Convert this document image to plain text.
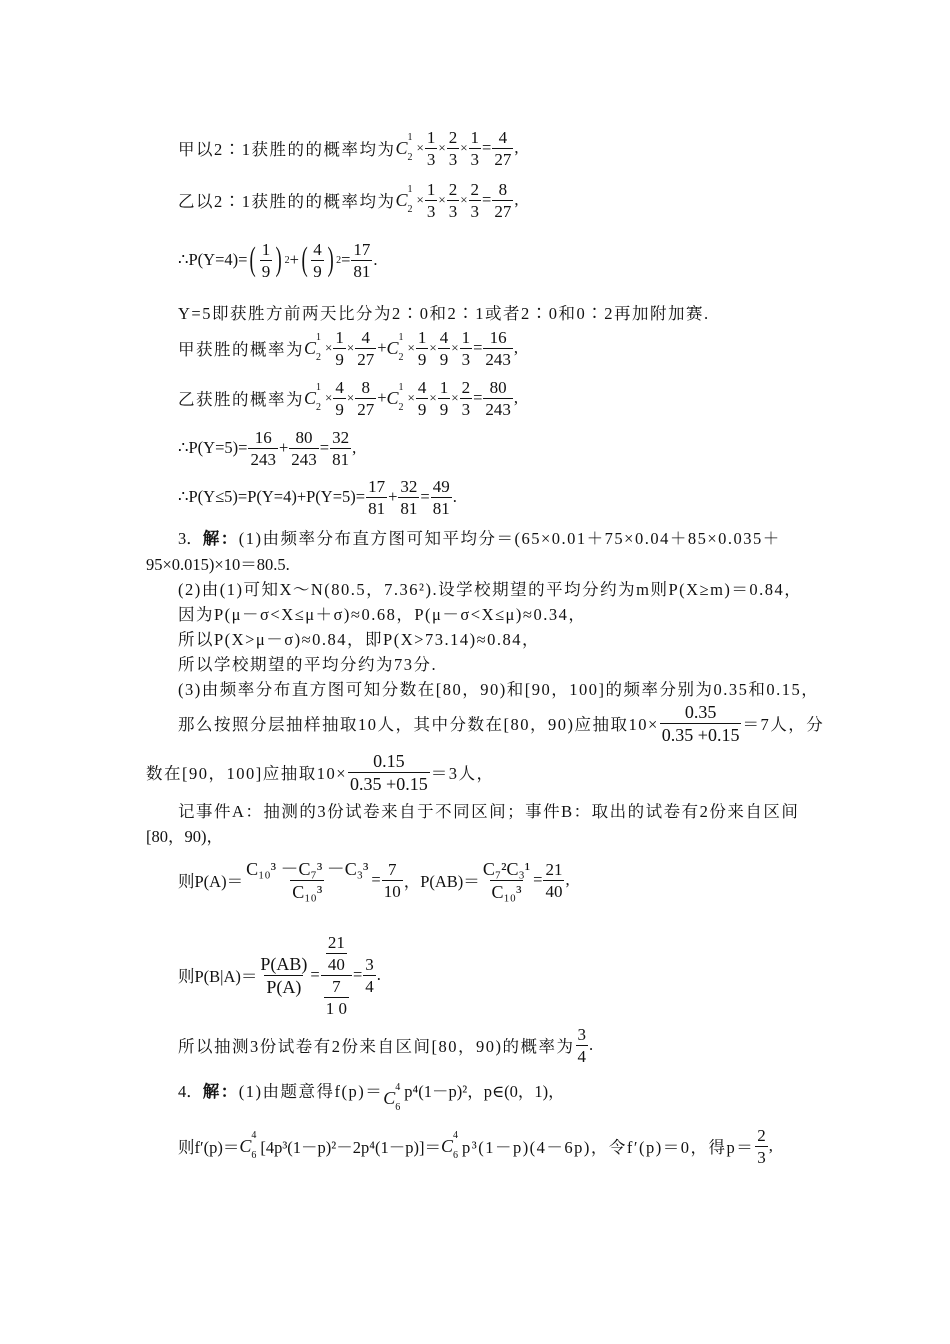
甲以2∶1获胜的的概率均为 C
1
2
× $\frac{1}{3} \times \frac{2}{3} \times \frac{1}{3} = \frac{4}{27}$ ,
乙以2∶1获胜的的概率均为 C
1
2
× $\frac{1}{3} \times \frac{2}{3} \times \frac{2}{3} = \frac{8}{27}$ ,
∴P(Y=4)= ( 1
9 ) 2 + ( 4
9 ) $2 = \frac{17}{81}$ .
Y=5即获胜方前两天比分为2∶0和2∶1或者2∶0和0∶2再加附加赛.
甲获胜的概率为 C
1
2
× $\frac{1}{9} \times \frac{4}{27} + C$
1
2
× $\frac{1}{9} \times \frac{4}{9} \times \frac{1}{3} = \frac{16}{243}$ ,
乙获胜的概率为 C
1
2
× $\frac{4}{9} \times \frac{8}{27} + C$
1
2
× $\frac{4}{9} \times \frac{1}{9} \times \frac{2}{3} = \frac{80}{243}$ ,
∴P(Y=5)= $\frac{16}{243} + \frac{80}{243} = \frac{32}{81}$ ,
∴P(Y≤5)=P(Y=4)+P(Y=5)= $\frac{17}{81} + \frac{32}{81} = \frac{49}{81}$ .
3． 解： (1)由频率分布直方图可知平均分＝(65×0.01＋75×0.04＋85×0.035＋
95×0.015)×10＝80.5.
(2)由(1)可知X～N(80.5，7.36²).设学校期望的平均分约为m则P(X≥m)＝0.84，
因为P(μ－σ<X≤μ＋σ)≈0.68，P(μ－σ<X≤μ)≈0.34，
所以P(X>μ－σ)≈0.84，即P(X>73.14)≈0.84，
所以学校期望的平均分约为73分.
(3)由频率分布直方图可知分数在[80，90)和[90，100]的频率分别为0.35和0.15，
那么按照分层抽样抽取10人，其中分数在[80，90)应抽取$10\times \frac{0.35}{0.35 +0.15} =7$人，分
数在[90，100]应抽取$10\times \frac{0.15}{0.35 +0.15} =3$人，
记事件A：抽测的3份试卷来自于不同区间；事件B：取出的试卷有2份来自区间
[80，90)，
则$P(A)= \frac{\text{C₁₀³ －C₇³ －C₃³}}{\text{C₁₀³}} = \frac{7}{10}$ ，$P(AB)= \frac{\text{C₇²C₃¹}}{\text{C₁₀³}} = \frac{21}{40}$ ,
则$P(B|A)= \frac{P(AB)}{P(A)} = \frac{\frac{21}{40}}{\frac{7}{1 0}} = \frac{3}{4}$ .
所以抽测3份试卷有2份来自区间[80，90)的概率为
3
4
.
4． 解： (1)由题意得f(p)＝ C
4
6
p⁴(1－p)²，p∈(0，1)，
则f′(p)＝ C
4
6 [4p³(1－p)²－2p⁴(1－p)]＝ C
4
6 p³(1－p)(4－6p)，令f′(p)＝0，得p＝
2
3
,
